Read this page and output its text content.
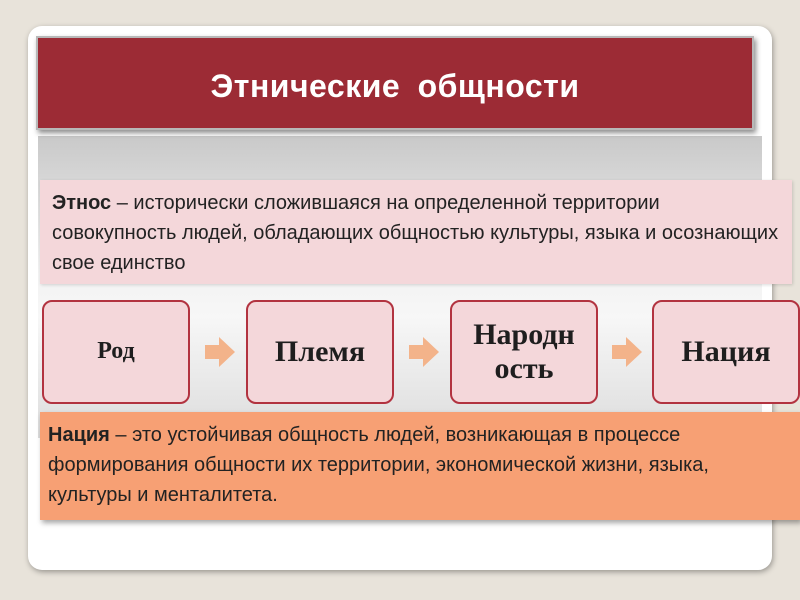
Этнические общности
Этнос – исторически сложившаяся на определенной территории совокупность людей, обладающих общностью культуры, языка и осознающих свое единство
Род	Племя
Народн ость
Нация
Нация – это устойчивая общность людей, возникающая в процессе формирования общности их территории, экономической жизни, языка, культуры и менталитета.
